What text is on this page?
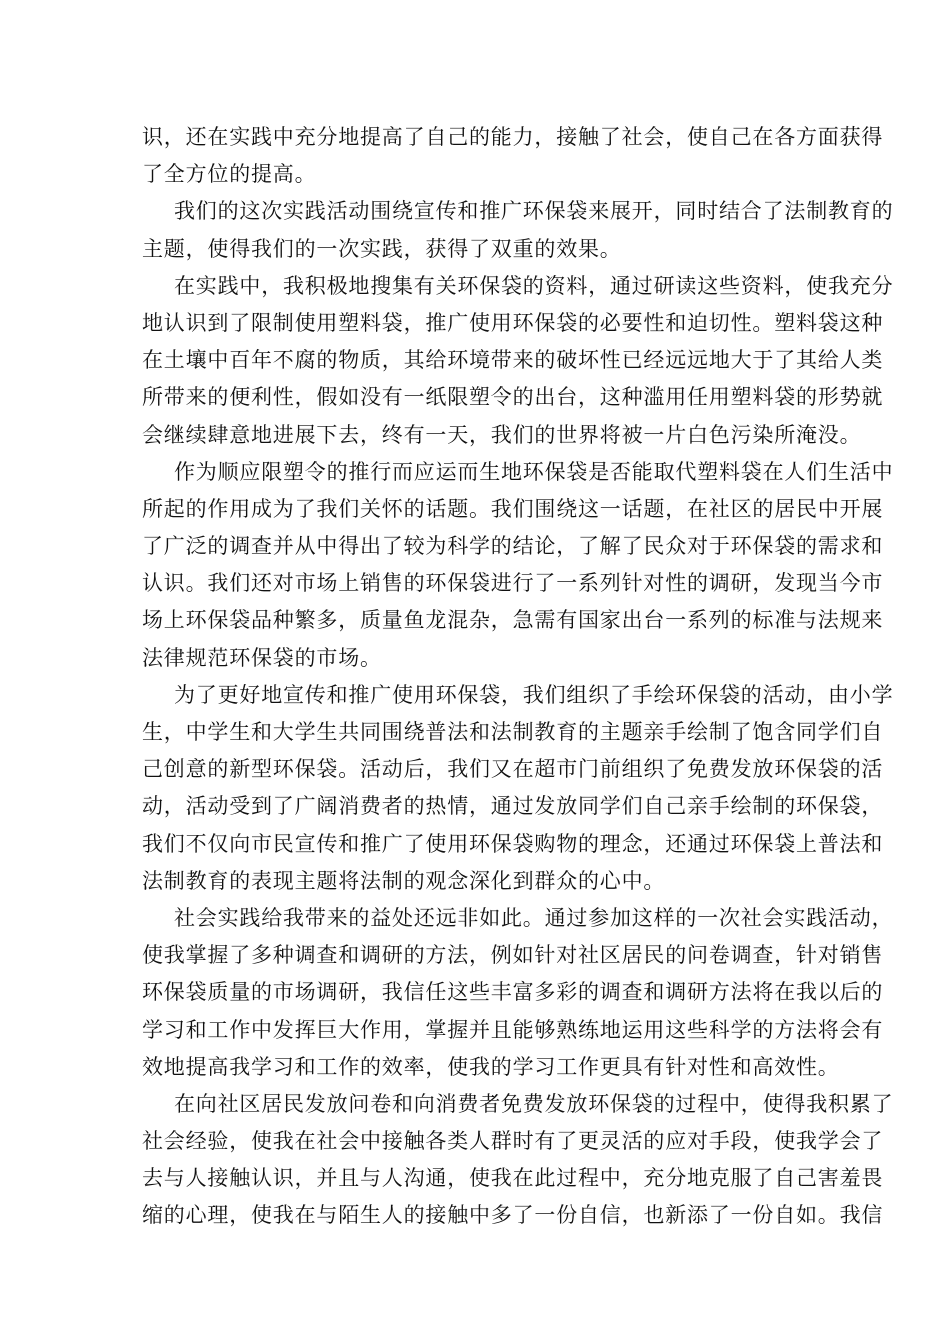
识，还在实践中充分地提高了自己的能力，接触了社会，使自己在各方面获得
了全方位的提高。
我们的这次实践活动围绕宣传和推广环保袋来展开，同时结合了法制教育的
主题，使得我们的一次实践，获得了双重的效果。
在实践中，我积极地搜集有关环保袋的资料，通过研读这些资料，使我充分
地认识到了限制使用塑料袋，推广使用环保袋的必要性和迫切性。塑料袋这种
在土壤中百年不腐的物质，其给环境带来的破坏性已经远远地大于了其给人类
所带来的便利性，假如没有一纸限塑令的出台，这种滥用任用塑料袋的形势就
会继续肆意地进展下去，终有一天，我们的世界将被一片白色污染所淹没。
作为顺应限塑令的推行而应运而生地环保袋是否能取代塑料袋在人们生活中
所起的作用成为了我们关怀的话题。我们围绕这一话题，在社区的居民中开展
了广泛的调查并从中得出了较为科学的结论，了解了民众对于环保袋的需求和
认识。我们还对市场上销售的环保袋进行了一系列针对性的调研，发现当今市
场上环保袋品种繁多，质量鱼龙混杂，急需有国家出台一系列的标准与法规来
法律规范环保袋的市场。
为了更好地宣传和推广使用环保袋，我们组织了手绘环保袋的活动，由小学
生，中学生和大学生共同围绕普法和法制教育的主题亲手绘制了饱含同学们自
己创意的新型环保袋。活动后，我们又在超市门前组织了免费发放环保袋的活
动，活动受到了广阔消费者的热情，通过发放同学们自己亲手绘制的环保袋，
我们不仅向市民宣传和推广了使用环保袋购物的理念，还通过环保袋上普法和
法制教育的表现主题将法制的观念深化到群众的心中。
社会实践给我带来的益处还远非如此。通过参加这样的一次社会实践活动，
使我掌握了多种调查和调研的方法，例如针对社区居民的问卷调查，针对销售
环保袋质量的市场调研，我信任这些丰富多彩的调查和调研方法将在我以后的
学习和工作中发挥巨大作用，掌握并且能够熟练地运用这些科学的方法将会有
效地提高我学习和工作的效率，使我的学习工作更具有针对性和高效性。
在向社区居民发放问卷和向消费者免费发放环保袋的过程中，使得我积累了
社会经验，使我在社会中接触各类人群时有了更灵活的应对手段，使我学会了
去与人接触认识，并且与人沟通，使我在此过程中，充分地克服了自己害羞畏
缩的心理，使我在与陌生人的接触中多了一份自信，也新添了一份自如。我信
